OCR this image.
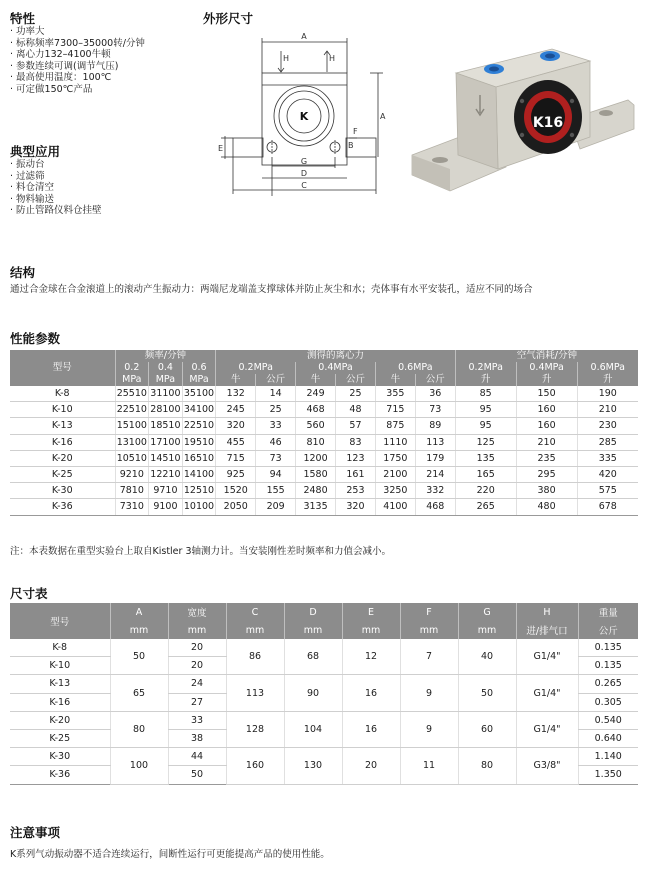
特性
· 功率大
· 标称频率7300–35000转/分钟
· 离心力132–4100牛顿
· 参数连续可调(调节气压)
· 最高使用温度：100℃
· 可定做150℃产品
外形尺寸
K
A
A
H	H
E
F
B
G
D
C
K16
典型应用
· 振动台
· 过滤筛
· 料仓清空
· 物料输送
· 防止管路仪料仓挂壁
结构
通过合金球在合金滚道上的滚动产生振动力：两端尼龙端盖支撑球体并防止灰尘和水；壳体事有水平安装孔，适应不同的场合
性能参数
型号	频率/分钟			测得的离心力						空气消耗/分钟		
	0.2	0.4	0.6	0.2MPa		0.4MPa		0.6MPa		0.2MPa	0.4MPa	0.6MPa
	MPa	MPa	MPa	牛	公斤	牛	公斤	牛	公斤	升	升	升
K-8	25510	31100	35100	132	14	249	25	355	36	85	150	190
K-10	22510	28100	34100	245	25	468	48	715	73	95	160	210
K-13	15100	18510	22510	320	33	560	57	875	89	95	160	230
K-16	13100	17100	19510	455	46	810	83	1110	113	125	210	285
K-20	10510	14510	16510	715	73	1200	123	1750	179	135	235	335
K-25	9210	12210	14100	925	94	1580	161	2100	214	165	295	420
K-30	7810	9710	12510	1520	155	2480	253	3250	332	220	380	575
K-36	7310	9100	10100	2050	209	3135	320	4100	468	265	480	678
注：本表数据在重型实验台上取自Kistler 3轴测力计。当安装刚性差时频率和力值会减小。
尺寸表
型号	A	宽度	C	D	E	F	G	H	重量
	mm	mm	mm	mm	mm	mm	mm	进/排气口	公斤
K-8	50	20	86	68	12	7	40	G1/4"	0.135
K-10		20							0.135
K-13	65	24	113	90	16	9	50	G1/4"	0.265
K-16		27							0.305
K-20	80	33	128	104	16	9	60	G1/4"	0.540
K-25		38							0.640
K-30	100	44	160	130	20	11	80	G3/8"	1.140
K-36		50							1.350
注意事项
K系列气动振动器不适合连续运行，间断性运行可更能提高产品的使用性能。
